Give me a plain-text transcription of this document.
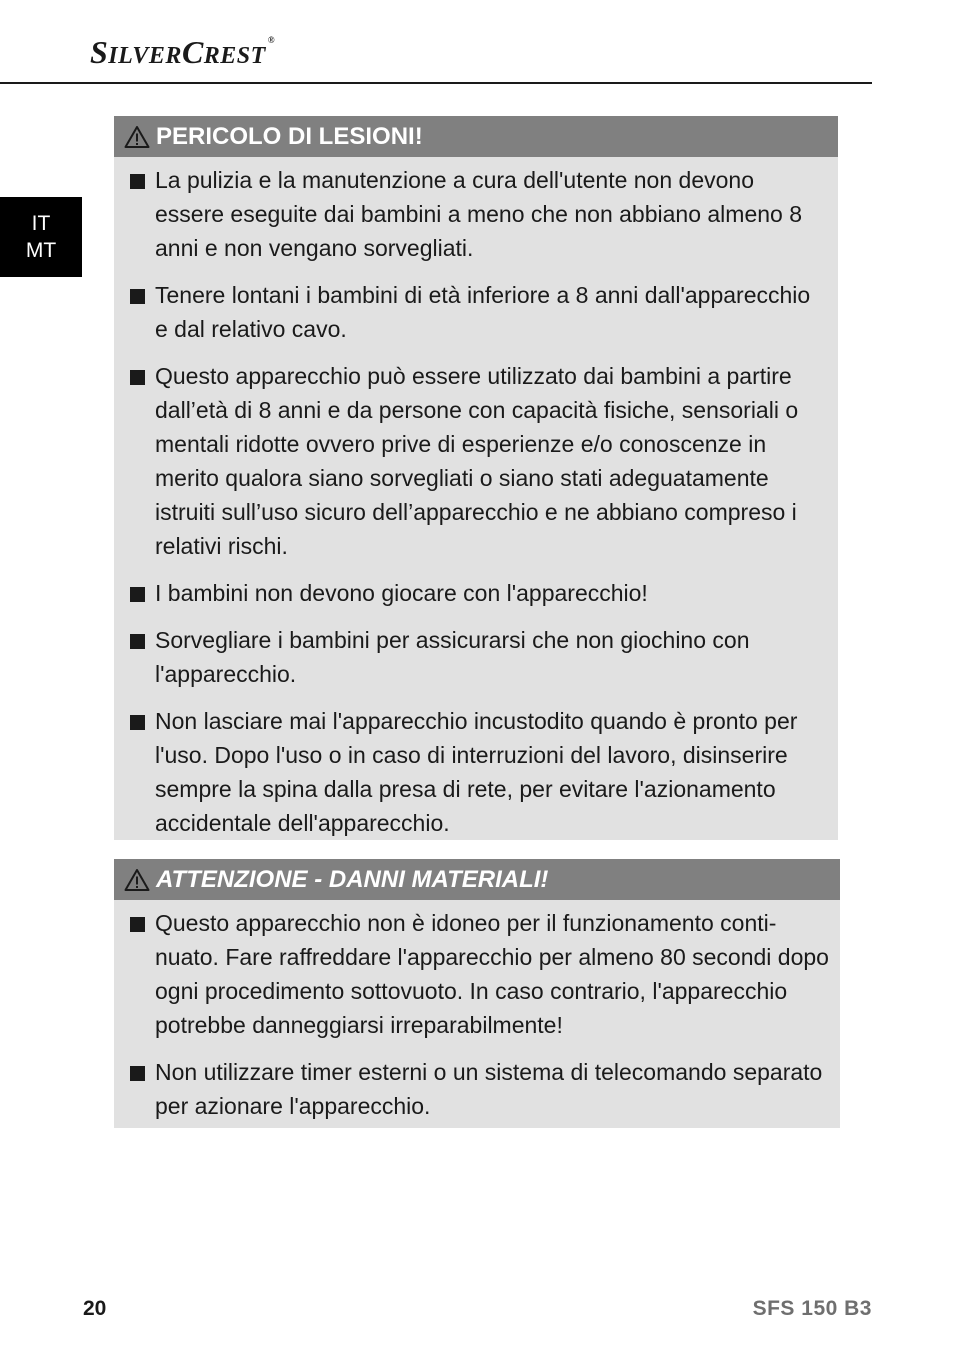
SILVERCREST®
IT
MT
PERICOLO DI LESIONI!
La pulizia e la manutenzione a cura dell'utente non devono essere eseguite dai bambini a meno che non abbiano almeno 8 anni e non vengano sorvegliati.
Tenere lontani i bambini di età inferiore a 8 anni dall'apparecchio e dal relativo cavo.
Questo apparecchio può essere utilizzato dai bambini a partire dall’età di 8 anni e da persone con capacità fisiche, sensoriali o mentali ridotte ovvero prive di esperienze e/o conoscenze in merito qualora siano sorvegliati o siano stati adeguatamente istruiti sull’uso sicuro dell’apparecchio e ne abbiano compreso i relativi rischi.
I bambini non devono giocare con l'apparecchio!
Sorvegliare i bambini per assicurarsi che non giochino con l'apparecchio.
Non lasciare mai l'apparecchio incustodito quando è pronto per l'uso. Dopo l'uso o in caso di interruzioni del lavoro, disinserire sempre la spina dalla presa di rete, per evitare l'azionamento accidentale dell'apparecchio.
ATTENZIONE - DANNI MATERIALI!
Questo apparecchio non è idoneo per il funzionamento continuato. Fare raffreddare l'apparecchio per almeno 80 secondi dopo ogni procedimento sottovuoto. In caso contrario, l'apparecchio potrebbe danneggiarsi irreparabilmente!
Non utilizzare timer esterni o un sistema di telecomando separato per azionare l'apparecchio.
20	SFS 150 B3
